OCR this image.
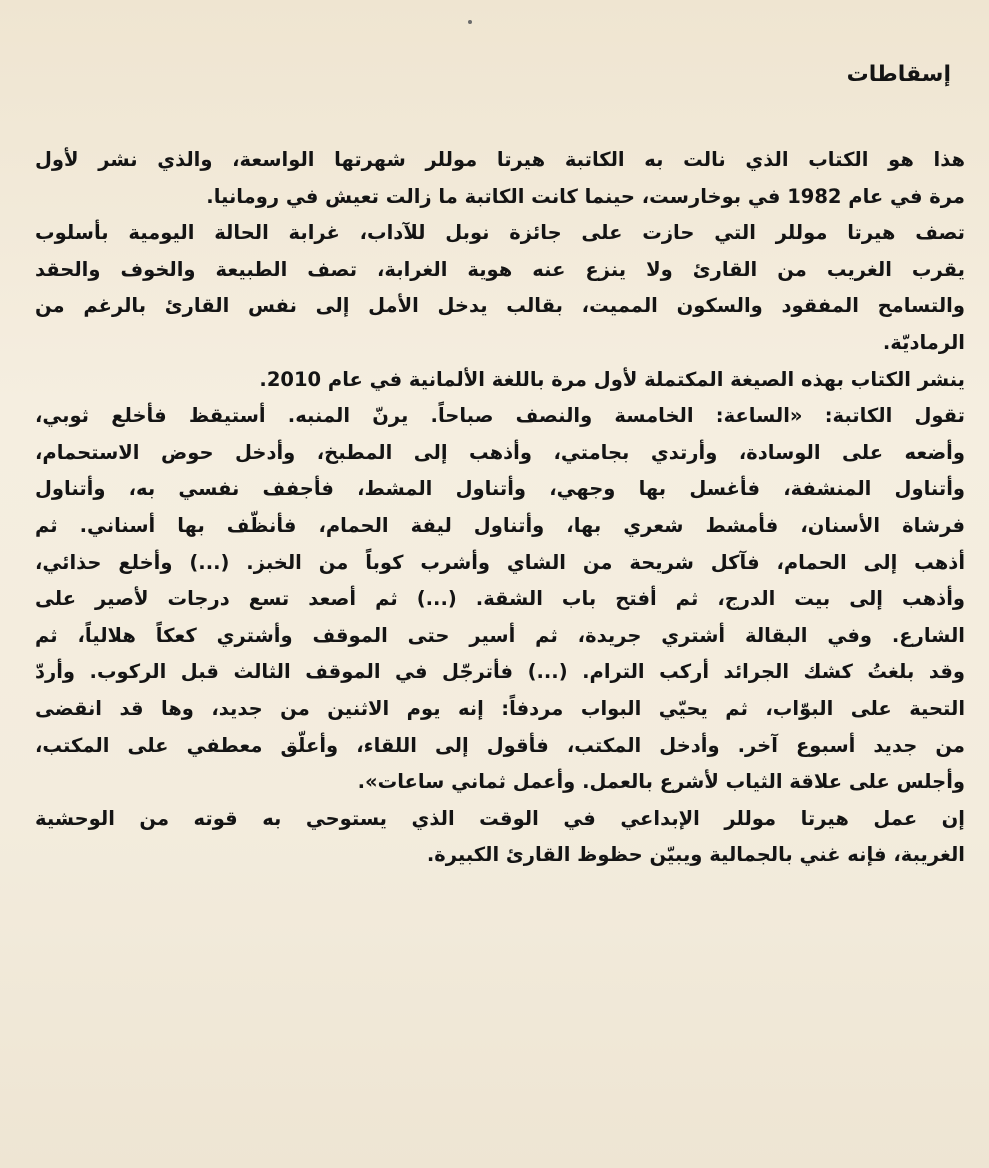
إسقاطات
هذا هو الكتاب الذي نالت به الكاتبة هيرتا موللر شهرتها الواسعة، والذي نشر لأول
مرة في عام 1982 في بوخارست، حينما كانت الكاتبة ما زالت تعيش في رومانيا.
تصف هيرتا موللر التي حازت على جائزة نوبل للآداب، غرابة الحالة اليومية بأسلوب
يقرب الغريب من القارئ ولا ينزع عنه هوية الغرابة، تصف الطبيعة والخوف والحقد
والتسامح المفقود والسكون المميت، بقالب يدخل الأمل إلى نفس القارئ بالرغم من
الرماديّة.
ينشر الكتاب بهذه الصيغة المكتملة لأول مرة باللغة الألمانية في عام 2010.
تقول الكاتبة: «الساعة: الخامسة والنصف صباحاً. يرنّ المنبه. أستيقظ فأخلع ثوبي،
وأضعه على الوسادة، وأرتدي بجامتي، وأذهب إلى المطبخ، وأدخل حوض الاستحمام،
وأتناول المنشفة، فأغسل بها وجهي، وأتناول المشط، فأجفف نفسي به، وأتناول
فرشاة الأسنان، فأمشط شعري بها، وأتناول ليفة الحمام، فأنظّف بها أسناني. ثم
أذهب إلى الحمام، فآكل شريحة من الشاي وأشرب كوباً من الخبز. (...) وأخلع حذائي،
وأذهب إلى بيت الدرج، ثم أفتح باب الشقة. (...) ثم أصعد تسع درجات لأصير على
الشارع. وفي البقالة أشتري جريدة، ثم أسير حتى الموقف وأشتري كعكاً هلالياً، ثم
وقد بلغتُ كشك الجرائد أركب الترام. (...) فأترجّل في الموقف الثالث قبل الركوب. وأردّ
التحية على البوّاب، ثم يحيّي البواب مردفاً: إنه يوم الاثنين من جديد، وها قد انقضى
من جديد أسبوع آخر. وأدخل المكتب، فأقول إلى اللقاء، وأعلّق معطفي على المكتب،
وأجلس على علاقة الثياب لأشرع بالعمل. وأعمل ثماني ساعات».
إن عمل هيرتا موللر الإبداعي في الوقت الذي يستوحي به قوته من الوحشية
الغريبة، فإنه غني بالجمالية ويبيّن حظوظ القارئ الكبيرة.
